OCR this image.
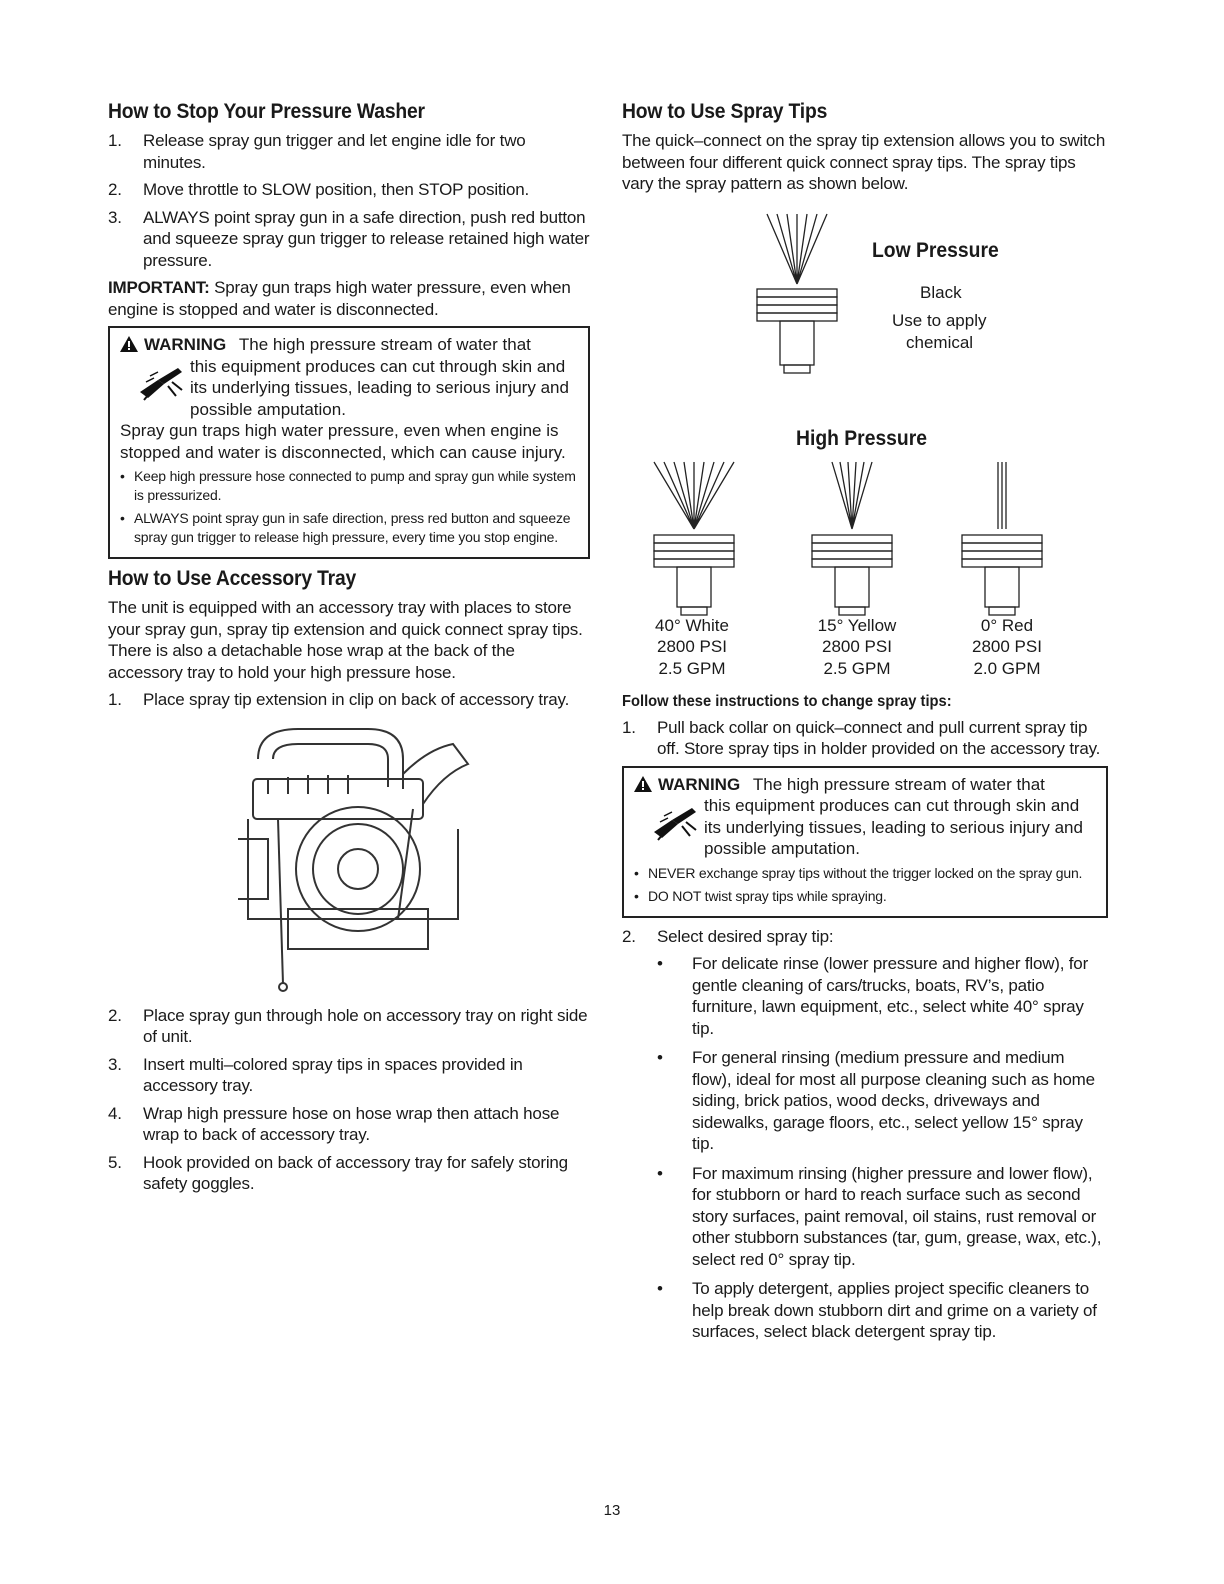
How to Stop Your Pressure Washer
1. Release spray gun trigger and let engine idle for two minutes.
2. Move throttle to SLOW position, then STOP position.
3. ALWAYS point spray gun in a safe direction, push red button and squeeze spray gun trigger to release retained high water pressure.

IMPORTANT: Spray gun traps high water pressure, even when engine is stopped and water is disconnected.

WARNING The high pressure stream of water that
this equipment produces can cut through skin and its underlying tissues, leading to serious injury and possible amputation.
Spray gun traps high water pressure, even when engine is stopped and water is disconnected, which can cause injury.
• Keep high pressure hose connected to pump and spray gun while system is pressurized.
• ALWAYS point spray gun in safe direction, press red button and squeeze spray gun trigger to release high pressure, every time you stop engine.
How to Use Accessory Tray

The unit is equipped with an accessory tray with places to store your spray gun, spray tip extension and quick connect spray tips. There is also a detachable hose wrap at the back of the accessory tray to hold your high pressure hose.

1. Place spray tip extension in clip on back of accessory tray.
2. Place spray gun through hole on accessory tray on right side of unit.
3. Insert multi–colored spray tips in spaces provided in accessory tray.
4. Wrap high pressure hose on hose wrap then attach hose wrap to back of accessory tray.
5. Hook provided on back of accessory tray for safely storing safety goggles.
How to Use Spray Tips

The quick–connect on the spray tip extension allows you to switch between four different quick connect spray tips. The spray tips vary the spray pattern as shown below.

Low Pressure
Black
Use to apply
chemical
High Pressure
40° White
2800 PSI
2.5 GPM
15° Yellow
2800 PSI
2.5 GPM
0° Red
2800 PSI
2.0 GPM
Follow these instructions to change spray tips:
1. Pull back collar on quick–connect and pull current spray tip off. Store spray tips in holder provided on the accessory tray.
WARNING The high pressure stream of water that
this equipment produces can cut through skin and its underlying tissues, leading to serious injury and possible amputation.
• NEVER exchange spray tips without the trigger locked on the spray gun.
• DO NOT twist spray tips while spraying.
2. Select desired spray tip:
• For delicate rinse (lower pressure and higher flow), for gentle cleaning of cars/trucks, boats, RV’s, patio furniture, lawn equipment, etc., select white 40° spray tip.
• For general rinsing (medium pressure and medium flow), ideal for most all purpose cleaning such as home siding, brick patios, wood decks, driveways and sidewalks, garage floors, etc., select yellow 15° spray tip.
• For maximum rinsing (higher pressure and lower flow), for stubborn or hard to reach surface such as second story surfaces, paint removal, oil stains, rust removal or other stubborn substances (tar, gum, grease, wax, etc.), select red 0° spray tip.
• To apply detergent, applies project specific cleaners to help break down stubborn dirt and grime on a variety of surfaces, select black detergent spray tip.
13
